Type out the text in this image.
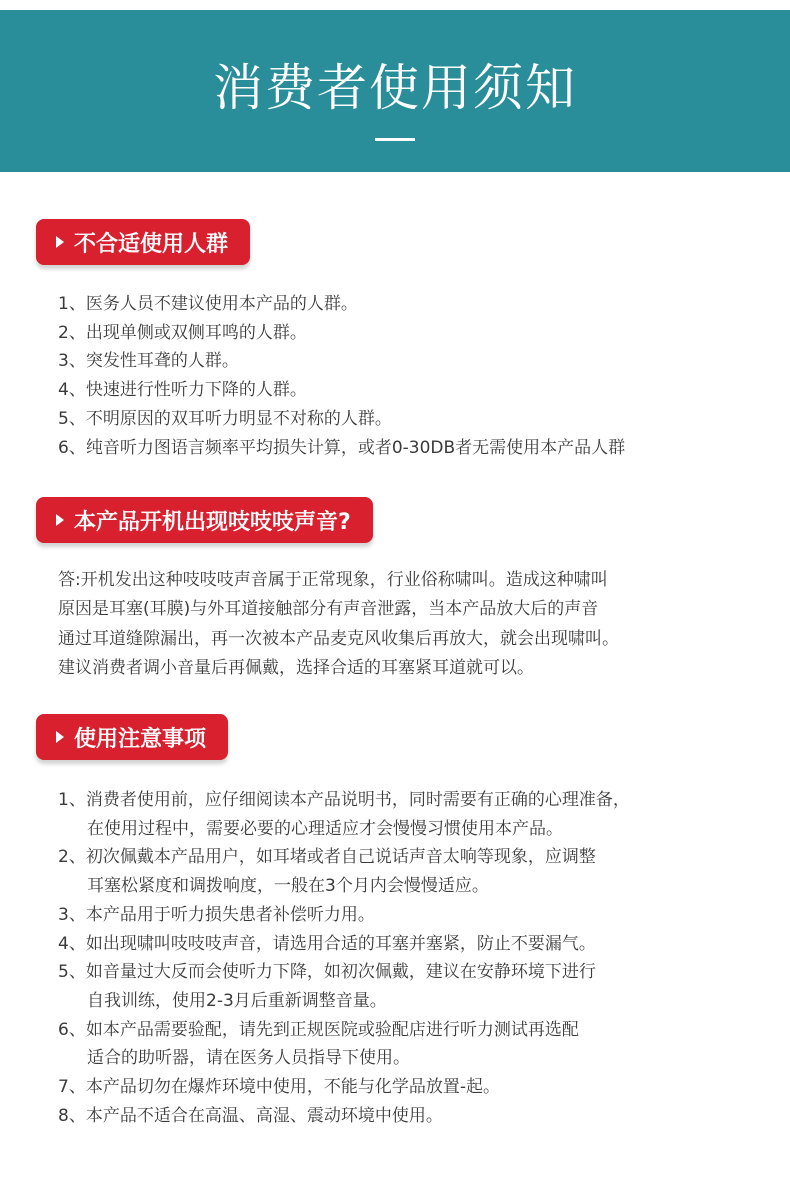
消费者使用须知
不合适使用人群
1、医务人员不建议使用本产品的人群。
2、出现单侧或双侧耳鸣的人群。
3、突发性耳聋的人群。
4、快速进行性听力下降的人群。
5、不明原因的双耳听力明显不对称的人群。
6、纯音听力图语言频率平均损失计算，或者0-30DB者无需使用本产品人群
本产品开机出现吱吱吱声音?
答:开机发出这种吱吱吱声音属于正常现象，行业俗称啸叫。造成这种啸叫
原因是耳塞(耳膜)与外耳道接触部分有声音泄露，当本产品放大后的声音
通过耳道缝隙漏出，再一次被本产品麦克风收集后再放大，就会出现啸叫。
建议消费者调小音量后再佩戴，选择合适的耳塞紧耳道就可以。
使用注意事项
1、消费者使用前，应仔细阅读本产品说明书，同时需要有正确的心理准备，
在使用过程中，需要必要的心理适应才会慢慢习惯使用本产品。
2、初次佩戴本产品用户，如耳堵或者自己说话声音太响等现象，应调整
耳塞松紧度和调拨响度，一般在3个月内会慢慢适应。
3、本产品用于听力损失患者补偿听力用。
4、如出现啸叫吱吱吱声音，请选用合适的耳塞并塞紧，防止不要漏气。
5、如音量过大反而会使听力下降，如初次佩戴，建议在安静环境下进行
自我训练，使用2-3月后重新调整音量。
6、如本产品需要验配，请先到正规医院或验配店进行听力测试再选配
适合的助听器，请在医务人员指导下使用。
7、本产品切勿在爆炸环境中使用，不能与化学品放置-起。
8、本产品不适合在高温、高湿、震动环境中使用。
